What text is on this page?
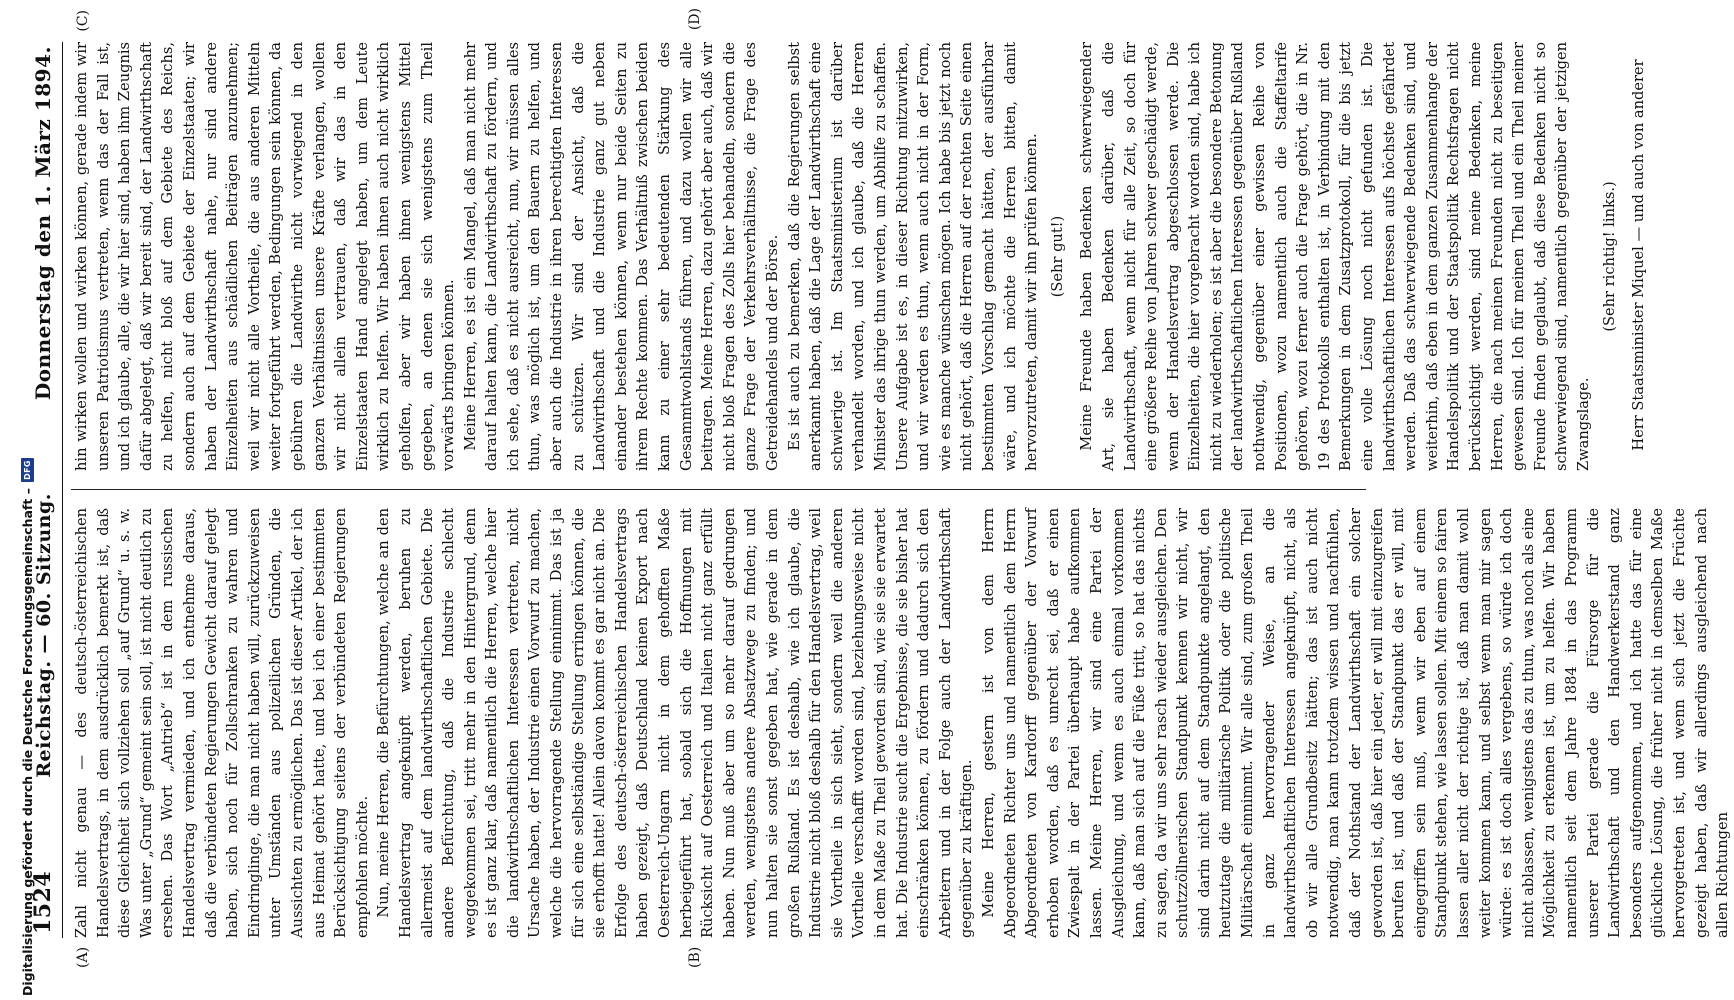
Digitalisierung gefördert durch die Deutsche Forschungsgemeinschaft –
DFG
1524
Reichstag. — 60. Sitzung.
Donnerstag den 1. März 1894.
(A)	(B)
(C)	(D)

Zahl nicht genau — des deutsch-österreichischen Handelsvertrags, in dem ausdrücklich bemerkt ist, daß diese Gleichheit sich vollziehen soll „auf Grund“ u. s. w. Was unter „Grund“ gemeint sein soll, ist nicht deutlich zu ersehen. Das Wort „Antrieb“ ist in dem russischen Handelsvertrag vermieden, und ich entnehme daraus, daß die verbündeten Regierungen Gewicht darauf gelegt haben, sich noch für Zollschranken zu wahren und Eindringlinge, die man nicht haben will, zurückzuweisen unter Umständen aus polizeilichen Gründen, die Aussichten zu ermöglichen. Das ist dieser Artikel, der ich aus Heimat gehört hatte, und bei ich einer bestimmten Berücksichtigung seitens der verbündeten Regierungen empfohlen möchte. Nun, meine Herren, die Befürchtungen, welche an den Handelsvertrag angeknüpft werden, beruhen zu allermeist auf dem landwirthschaftlichen Gebiete. Die andere Befürchtung, daß die Industrie schlecht weggekommen sei, tritt mehr in den Hintergrund, denn es ist ganz klar, daß namentlich die Herren, welche hier die landwirthschaftlichen Interessen vertreten, nicht Ursache haben, der Industrie einen Vorwurf zu machen, welche die hervorragende Stellung einnimmt. Das ist ja für sich eine selbständige Stellung erringen können, die sie erhofft hatte! Allein davon kommt es gar nicht an. Die Erfolge des deutsch-österreichischen Handelsvertrags haben gezeigt, daß Deutschland keinen Export nach Oesterreich-Ungarn nicht in dem gehofften Maße herbeigeführt hat, sobald sich die Hoffnungen mit Rücksicht auf Oesterreich und Italien nicht ganz erfüllt haben. Nun muß aber um so mehr darauf gedrungen werden, wenigstens andere Absatzwege zu finden; und nun halten sie sonst gegeben hat, wie gerade in dem großen Rußland. Es ist deshalb, wie ich glaube, die Industrie nicht bloß deshalb für den Handelsvertrag, weil sie Vortheile in sich sieht, sondern weil die anderen Vortheile verschafft worden sind, beziehungsweise nicht in dem Maße zu Theil geworden sind, wie sie sie erwartet hat. Die Industrie sucht die Ergebnisse, die sie bisher hat einschränken können, zu fördern und dadurch sich den Arbeitern und in der Folge auch der Landwirthschaft gegenüber zu kräftigen. Meine Herren, gestern ist von dem Herrn Abgeordneten Richter uns und namentlich dem Herrn Abgeordneten von Kardorff gegenüber der Vorwurf erhoben worden, daß es unrecht sei, daß er einen Zwiespalt in der Partei überhaupt habe aufkommen lassen. Meine Herren, wir sind eine Partei der Ausgleichung, und wenn es auch einmal vorkommen kann, daß man sich auf die Füße tritt, so hat das nichts zu sagen, da wir uns sehr rasch wieder ausgleichen. Den schutzzöllnerischen Standpunkt kennen wir nicht, wir sind darin nicht auf dem Standpunkte angelangt, den heutzutage die militärische Politik oder die politische Militärschaft einnimmt. Wir alle sind, zum großen Theil in ganz hervorragender Weise, an die landwirthschaftlichen Interessen angeknüpft, nicht, als ob wir alle Grundbesitz hätten; das ist auch nicht notwendig, man kann trotzdem wissen und nachfühlen, daß der Nothstand der Landwirthschaft ein solcher geworden ist, daß hier ein jeder, er will mit einzugreifen berufen ist, und daß der Standpunkt das er will, mit eingegriffen sein muß, wenn wir eben auf einem Standpunkt stehen, wie lassen sollen. Mit einem so fairen lassen aller nicht der richtige ist, daß man damit wohl weiter kommen kann, und selbst wenn man mir sagen würde: es ist doch alles vergebens, so würde ich doch nicht ablassen, wenigstens das zu thun, was noch als eine Möglichkeit zu erkennen ist, um zu helfen. Wir haben namentlich seit dem Jahre 1884 in das Programm unserer Partei gerade die Fürsorge für die Landwirthschaft und den Handwerkerstand ganz besonders aufgenommen, und ich hatte das für eine glückliche Lösung, die früher nicht in demselben Maße hervorgetreten ist, und wenn sich jetzt die Früchte gezeigt haben, daß wir allerdings ausgleichend nach allen Richtungen

hin wirken wollen und wirken können, gerade indem wir unseren Patriotismus vertreten, wenn das der Fall ist, und ich glaube, alle, die wir hier sind, haben ihm Zeugnis dafür abgelegt, daß wir bereit sind, der Landwirthschaft zu helfen, nicht bloß auf dem Gebiete des Reichs, sondern auch auf dem Gebiete der Einzelstaaten; wir haben der Landwirthschaft nahe, nur sind andere Einzelheiten aus schädlichen Beiträgen anzunehmen; weil wir nicht alle Vortheile, die aus anderen Mitteln weiter fortgeführt werden, Bedingungen sein können, da gebühren die Landwirthe nicht vorwiegend in den ganzen Verhältnissen unsere Kräfte verlangen, wollen wir nicht allein vertrauen, daß wir das in den Einzelstaaten Hand angelegt haben, um dem Leute wirklich zu helfen. Wir haben ihnen auch nicht wirklich geholfen, aber wir haben ihnen wenigstens Mittel gegeben, an denen sie sich wenigstens zum Theil vorwärts bringen können. Meine Herren, es ist ein Mangel, daß man nicht mehr darauf halten kann, die Landwirthschaft zu fördern, und ich sehe, daß es nicht ausreicht, nun, wir müssen alles thun, was möglich ist, um den Bauern zu helfen, und aber auch die Industrie in ihren berechtigten Interessen zu schützen. Wir sind der Ansicht, daß die Landwirthschaft und die Industrie ganz gut neben einander bestehen können, wenn nur beide Seiten zu ihrem Rechte kommen. Das Verhältniß zwischen beiden kann zu einer sehr bedeutenden Stärkung des Gesammtwohlstands führen, und dazu wollen wir alle beitragen. Meine Herren, dazu gehört aber auch, daß wir nicht bloß Fragen des Zolls hier behandeln, sondern die ganze Frage der Verkehrsverhältnisse, die Frage des Getreidehandels und der Börse. Es ist auch zu bemerken, daß die Regierungen selbst anerkannt haben, daß die Lage der Landwirthschaft eine schwierige ist. Im Staatsministerium ist darüber verhandelt worden, und ich glaube, daß die Herren Minister das ihrige thun werden, um Abhilfe zu schaffen. Unsere Aufgabe ist es, in dieser Richtung mitzuwirken, und wir werden es thun, wenn auch nicht in der Form, wie es manche wünschen mögen. Ich habe bis jetzt noch nicht gehört, daß die Herren auf der rechten Seite einen bestimmten Vorschlag gemacht hätten, der ausführbar wäre, und ich möchte die Herren bitten, damit hervorzutreten, damit wir ihn prüfen können. (Sehr gut!) Meine Freunde haben Bedenken schwerwiegender Art, sie haben Bedenken darüber, daß die Landwirthschaft, wenn nicht für alle Zeit, so doch für eine größere Reihe von Jahren schwer geschädigt werde, wenn der Handelsvertrag abgeschlossen werde. Die Einzelheiten, die hier vorgebracht worden sind, habe ich nicht zu wiederholen; es ist aber die besondere Betonung der landwirthschaftlichen Interessen gegenüber Rußland nothwendig, gegenüber einer gewissen Reihe von Positionen, wozu namentlich auch die Staffeltarife gehören, wozu ferner auch die Frage gehört, die in Nr. 19 des Protokolls enthalten ist, in Verbindung mit den Bemerkungen in dem Zusatzprotokoll, für die bis jetzt eine volle Lösung noch nicht gefunden ist. Die landwirthschaftlichen Interessen aufs höchste gefährdet werden. Daß das schwerwiegende Bedenken sind, und weiterhin, daß eben in dem ganzen Zusammenhange der Handelspolitik und der Staatspolitik Rechtsfragen nicht berücksichtigt werden, sind meine Bedenken, meine Herren, die nach meinen Freunden nicht zu beseitigen gewesen sind. Ich für meinen Theil und ein Theil meiner Freunde finden geglaubt, daß diese Bedenken nicht so schwerwiegend sind, namentlich gegenüber der jetzigen Zwangslage.

(Sehr richtig! links.) Herr Staatsminister Miquel — und auch von anderer
